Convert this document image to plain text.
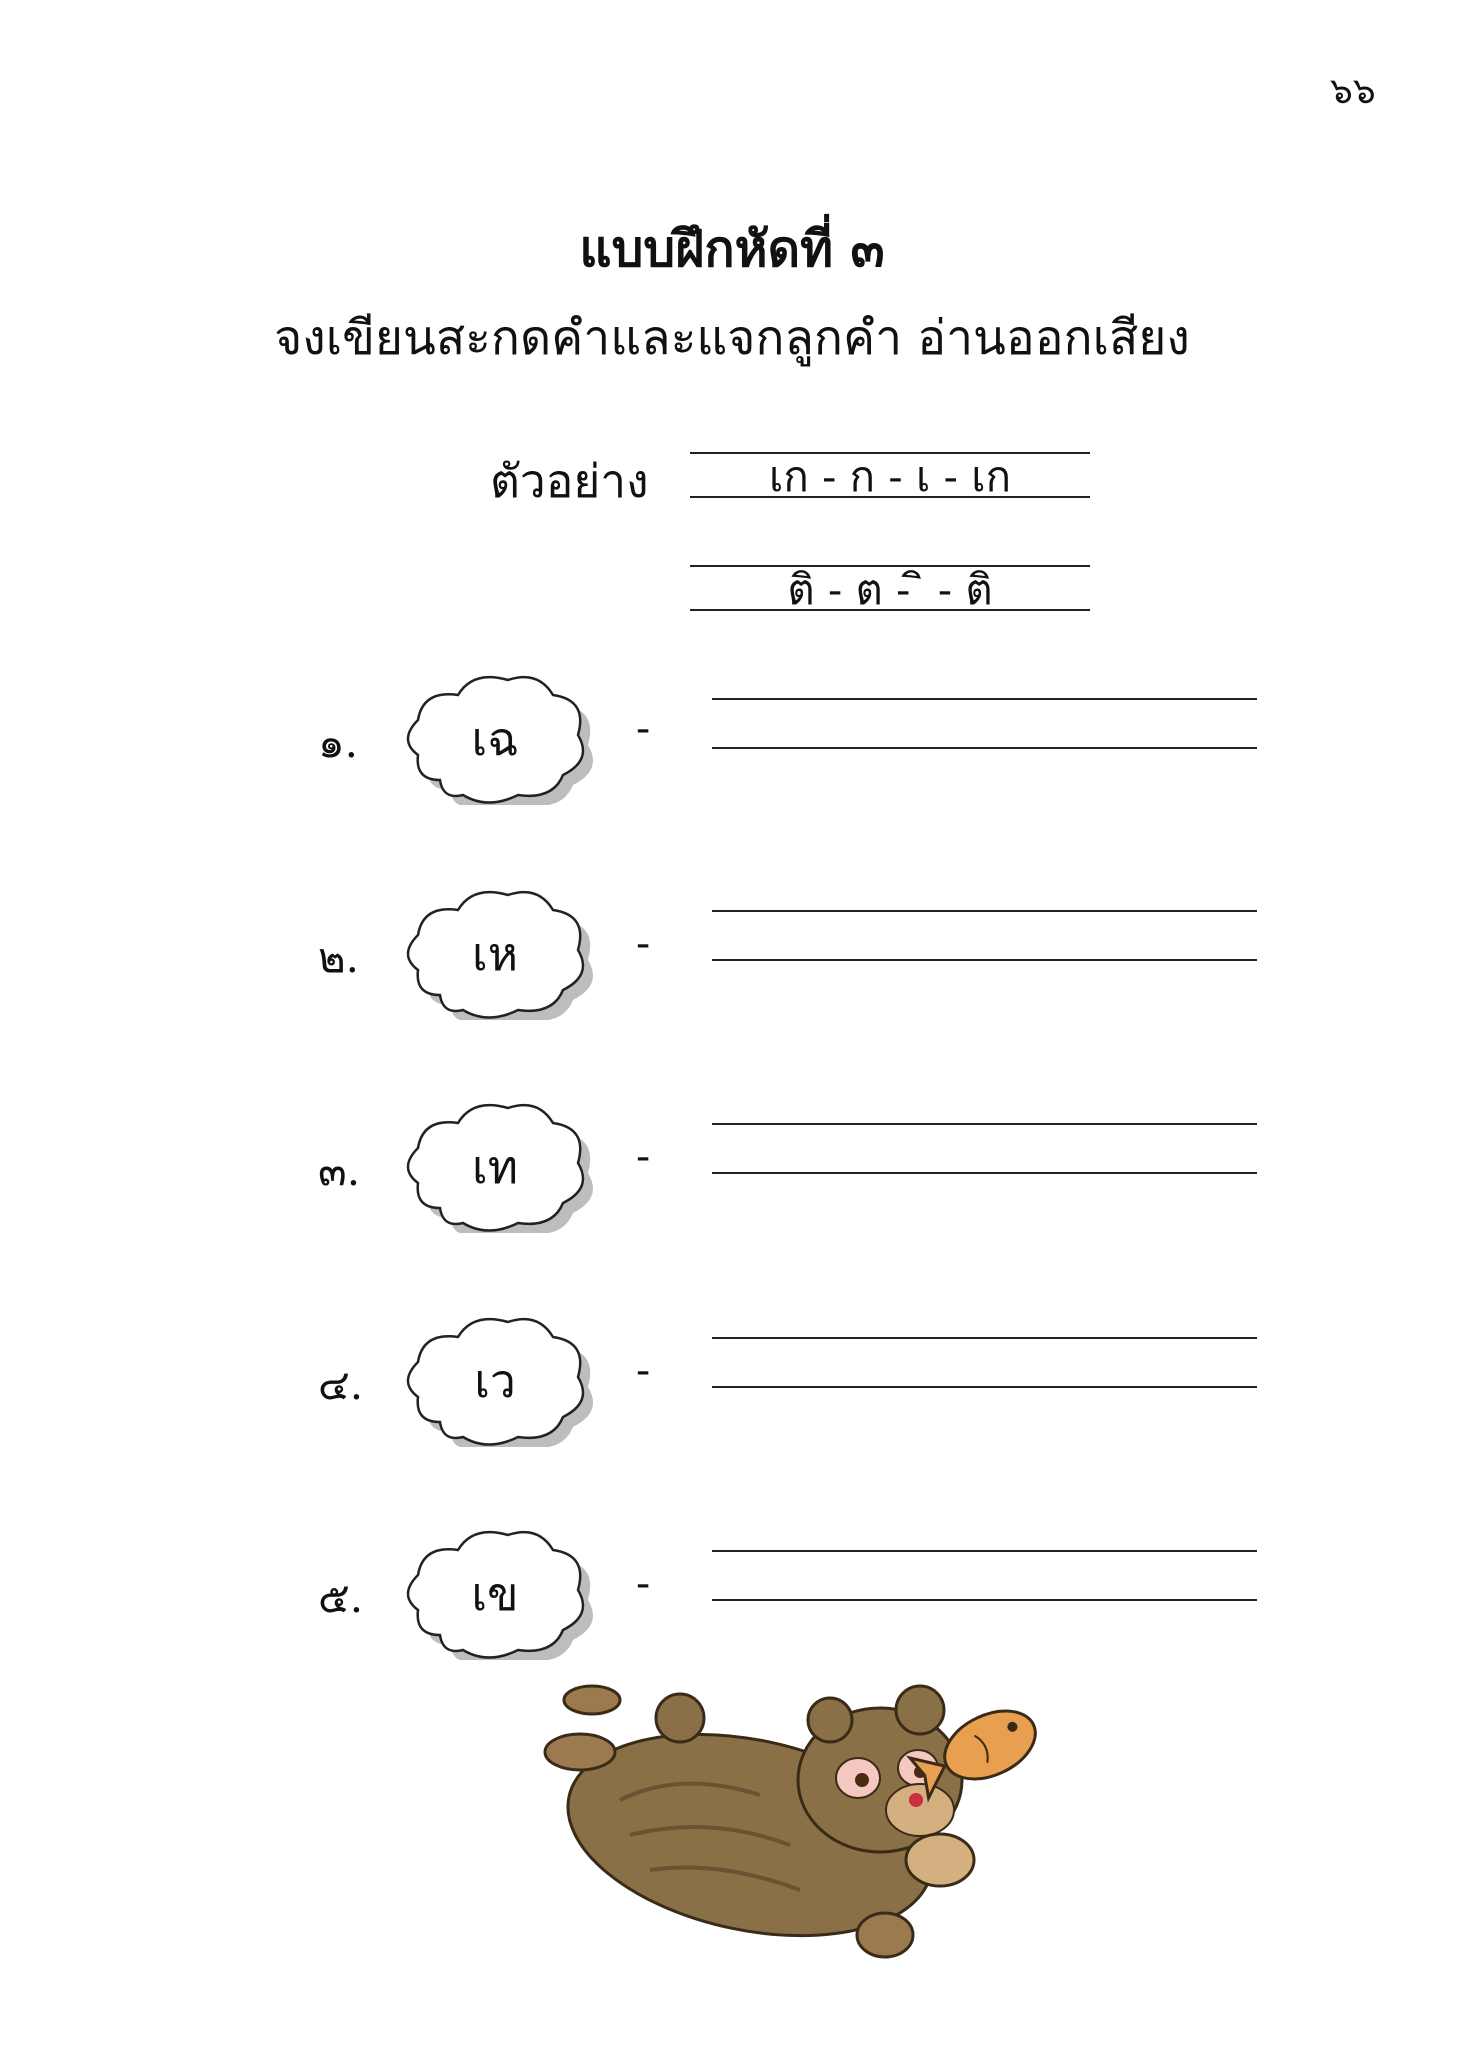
๖๖
แบบฝึกหัดที่ ๓
จงเขียนสะกดคำและแจกลูกคำ อ่านออกเสียง
ตัวอย่าง	เก - ก - เ - เก
ติ - ต - ิ - ติ
๑.	เฉ	-
๒.	เห	-
๓.	เท	-
๔.	เว	-
๕.	เข	-
